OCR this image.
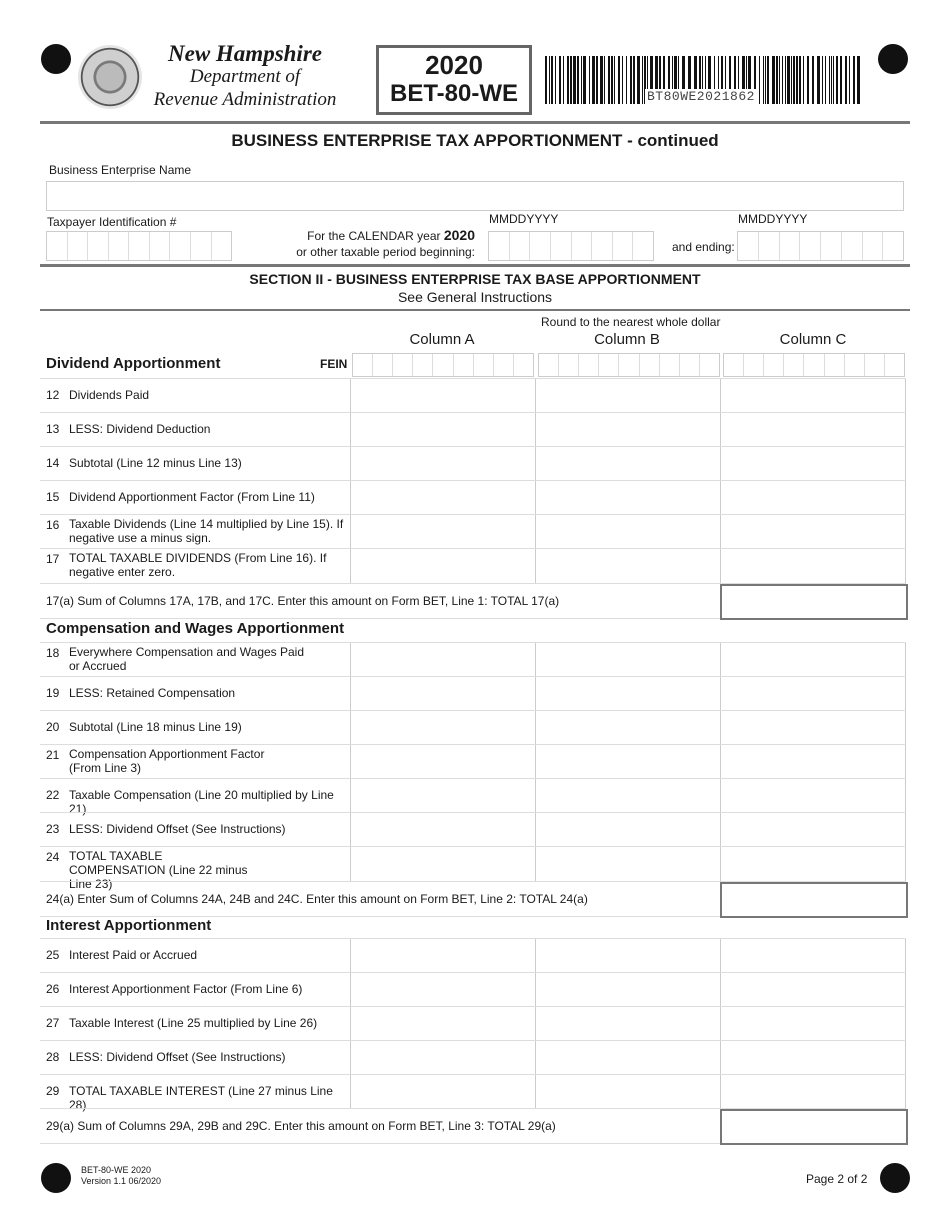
New Hampshire
Department of
Revenue Administration
2020
BET-80-WE	BT80WE2021862
BUSINESS ENTERPRISE TAX APPORTIONMENT - continued
Business Enterprise Name
Taxpayer Identification #
For the CALENDAR year 2020
or other taxable period beginning:
MMDDYYYY
and ending:
MMDDYYYY
SECTION II - BUSINESS ENTERPRISE TAX BASE APPORTIONMENT
See General Instructions
Round to the nearest whole dollar
Column A	Column B	Column C
Dividend Apportionment	FEIN
12 Dividends Paid
13 LESS: Dividend Deduction
14 Subtotal (Line 12 minus Line 13)
15 Dividend Apportionment Factor (From Line 11)
16 Taxable Dividends (Line 14 multiplied by Line 15). If negative use a minus sign.
17 TOTAL TAXABLE DIVIDENDS (From Line 16). If negative enter zero.
17(a) Sum of Columns 17A, 17B, and 17C. Enter this amount on Form BET, Line 1: TOTAL 17(a)
Compensation and Wages Apportionment
18 Everywhere Compensation and Wages Paid or Accrued
19 LESS: Retained Compensation
20 Subtotal (Line 18 minus Line 19)
21 Compensation Apportionment Factor (From Line 3)
22 Taxable Compensation (Line 20 multiplied by Line 21)
23 LESS: Dividend Offset (See Instructions)
24 TOTAL TAXABLE COMPENSATION (Line 22 minus Line 23)
24(a) Enter Sum of Columns 24A, 24B and 24C. Enter this amount on Form BET, Line 2: TOTAL 24(a)
Interest Apportionment
25 Interest Paid or Accrued
26 Interest Apportionment Factor (From Line 6)
27 Taxable Interest (Line 25 multiplied by Line 26)
28 LESS: Dividend Offset (See Instructions)
29 TOTAL TAXABLE INTEREST (Line 27 minus Line 28)
29(a) Sum of Columns 29A, 29B and 29C. Enter this amount on Form BET, Line 3: TOTAL 29(a)
BET-80-WE 2020
Version 1.1 06/2020	Page 2 of 2
